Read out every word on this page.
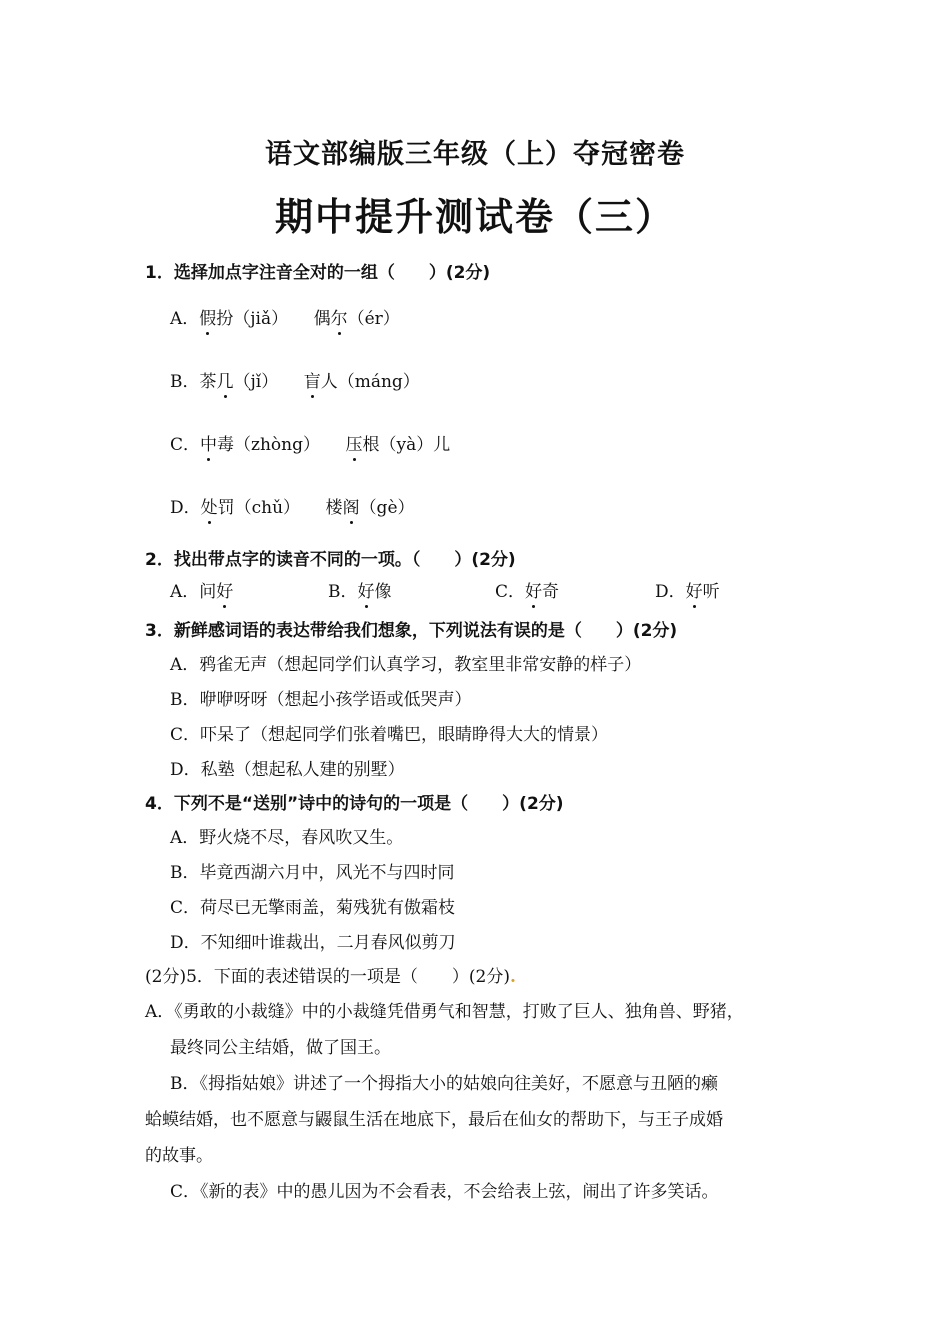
语文部编版三年级（上）夺冠密卷
期中提升测试卷（三）
1．选择加点字注音全对的一组（　　）(2分)
A．假扮（jiǎ）　　偶尔（ér）
B．茶几（jǐ）　　盲人（máng）
C．中毒（zhòng）　　压根（yà）儿
D．处罚（chǔ）　　楼阁（gè）
2．找出带点字的读音不同的一项。（　　）(2分)
A．问好	B．好像	C．好奇	D．好听
3．新鲜感词语的表达带给我们想象，下列说法有误的是（　　）(2分)
A．鸦雀无声（想起同学们认真学习，教室里非常安静的样子）
B．咿咿呀呀（想起小孩学语或低哭声）
C．吓呆了（想起同学们张着嘴巴，眼睛睁得大大的情景）
D．私塾（想起私人建的别墅）
4．下列不是“送别”诗中的诗句的一项是（　　）(2分)
A．野火烧不尽，春风吹又生。
B．毕竟西湖六月中，风光不与四时同
C．荷尽已无擎雨盖，菊残犹有傲霜枝
D．不知细叶谁裁出，二月春风似剪刀
(2分)5．下面的表述错误的一项是（　　）(2分).
A．《勇敢的小裁缝》中的小裁缝凭借勇气和智慧，打败了巨人、独角兽、野猪，
最终同公主结婚，做了国王。
B．《拇指姑娘》讲述了一个拇指大小的姑娘向往美好，不愿意与丑陋的癞
蛤蟆结婚，也不愿意与鼹鼠生活在地底下，最后在仙女的帮助下，与王子成婚
的故事。
C．《新的表》中的愚儿因为不会看表，不会给表上弦，闹出了许多笑话。
